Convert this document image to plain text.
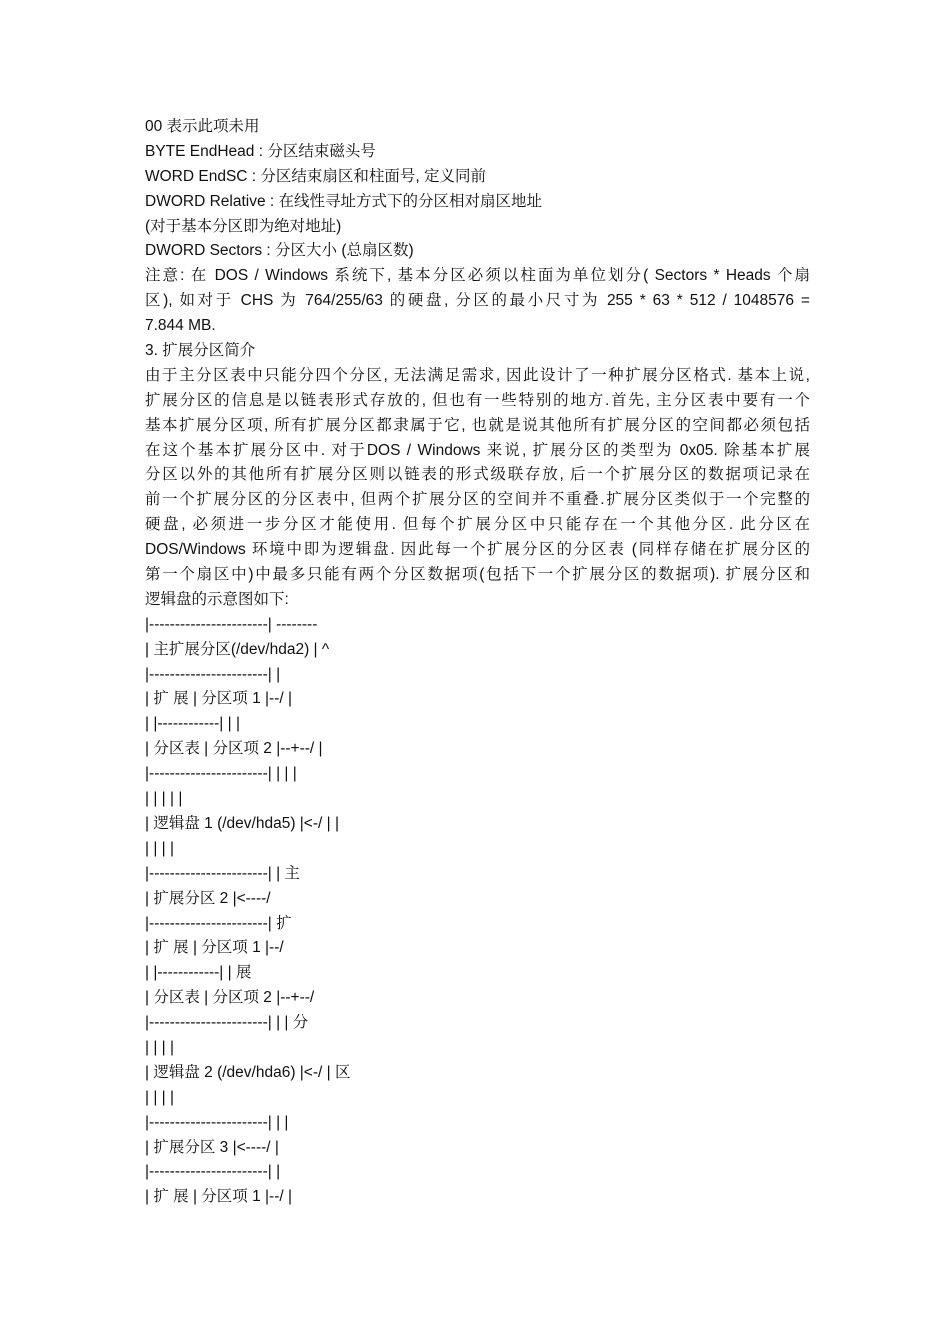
00 表示此项未用
BYTE EndHead : 分区结束磁头号
WORD EndSC : 分区结束扇区和柱面号, 定义同前
DWORD Relative : 在线性寻址方式下的分区相对扇区地址
(对于基本分区即为绝对地址)
DWORD Sectors : 分区大小 (总扇区数)
注意: 在 DOS / Windows 系统下, 基本分区必须以柱面为单位划分( Sectors * Heads 个扇
区), 如对于 CHS 为 764/255/63 的硬盘, 分区的最小尺寸为 255 * 63 * 512 / 1048576 =
7.844 MB.
3. 扩展分区简介
由于主分区表中只能分四个分区, 无法满足需求, 因此设计了一种扩展分区格式. 基本上说,
扩展分区的信息是以链表形式存放的, 但也有一些特别的地方.首先, 主分区表中要有一个
基本扩展分区项, 所有扩展分区都隶属于它, 也就是说其他所有扩展分区的空间都必须包括
在这个基本扩展分区中. 对于DOS / Windows 来说, 扩展分区的类型为 0x05. 除基本扩展
分区以外的其他所有扩展分区则以链表的形式级联存放, 后一个扩展分区的数据项记录在
前一个扩展分区的分区表中, 但两个扩展分区的空间并不重叠.扩展分区类似于一个完整的
硬盘, 必须进一步分区才能使用. 但每个扩展分区中只能存在一个其他分区. 此分区在
DOS/Windows 环境中即为逻辑盘. 因此每一个扩展分区的分区表 (同样存储在扩展分区的
第一个扇区中)中最多只能有两个分区数据项(包括下一个扩展分区的数据项). 扩展分区和
逻辑盘的示意图如下:
|-----------------------| --------
| 主扩展分区(/dev/hda2) | ^
|-----------------------| |
| 扩 展 | 分区项 1 |--/ |
| |------------| | |
| 分区表 | 分区项 2 |--+--/ |
|-----------------------| | | |
| | | | |
| 逻辑盘 1 (/dev/hda5) |<-/ | |
| | | |
|-----------------------| | 主
| 扩展分区 2 |<----/
|-----------------------| 扩
| 扩 展 | 分区项 1 |--/
| |------------| | 展
| 分区表 | 分区项 2 |--+--/
|-----------------------| | | 分
| | | |
| 逻辑盘 2 (/dev/hda6) |<-/ | 区
| | | |
|-----------------------| | |
| 扩展分区 3 |<----/ |
|-----------------------| |
| 扩 展 | 分区项 1 |--/ |
